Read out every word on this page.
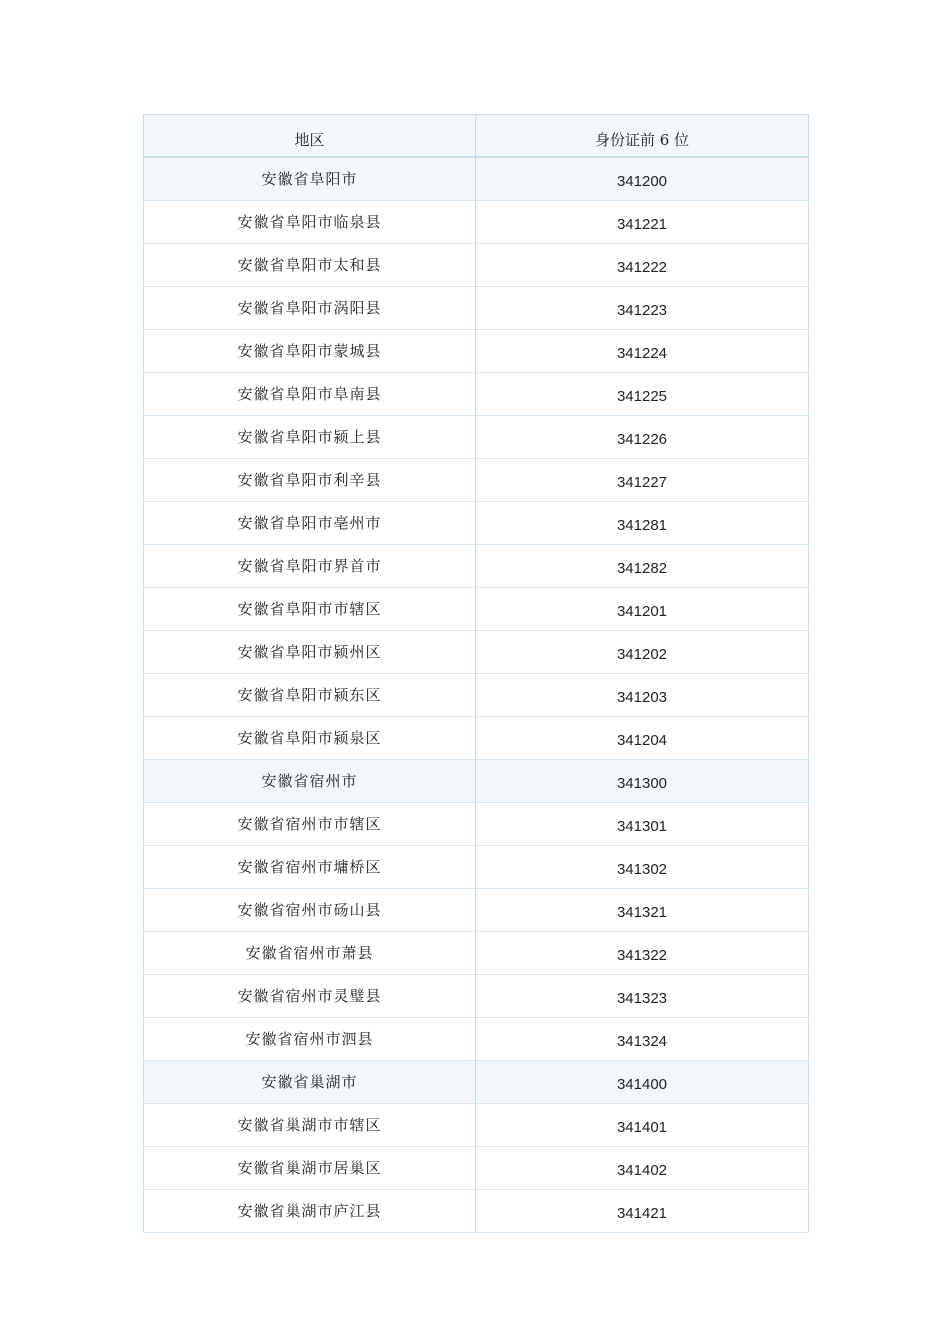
地区	身份证前 6 位
安徽省阜阳市	341200
安徽省阜阳市临泉县	341221
安徽省阜阳市太和县	341222
安徽省阜阳市涡阳县	341223
安徽省阜阳市蒙城县	341224
安徽省阜阳市阜南县	341225
安徽省阜阳市颍上县	341226
安徽省阜阳市利辛县	341227
安徽省阜阳市亳州市	341281
安徽省阜阳市界首市	341282
安徽省阜阳市市辖区	341201
安徽省阜阳市颍州区	341202
安徽省阜阳市颍东区	341203
安徽省阜阳市颍泉区	341204
安徽省宿州市	341300
安徽省宿州市市辖区	341301
安徽省宿州市墉桥区	341302
安徽省宿州市砀山县	341321
安徽省宿州市萧县	341322
安徽省宿州市灵璧县	341323
安徽省宿州市泗县	341324
安徽省巢湖市	341400
安徽省巢湖市市辖区	341401
安徽省巢湖市居巢区	341402
安徽省巢湖市庐江县	341421
